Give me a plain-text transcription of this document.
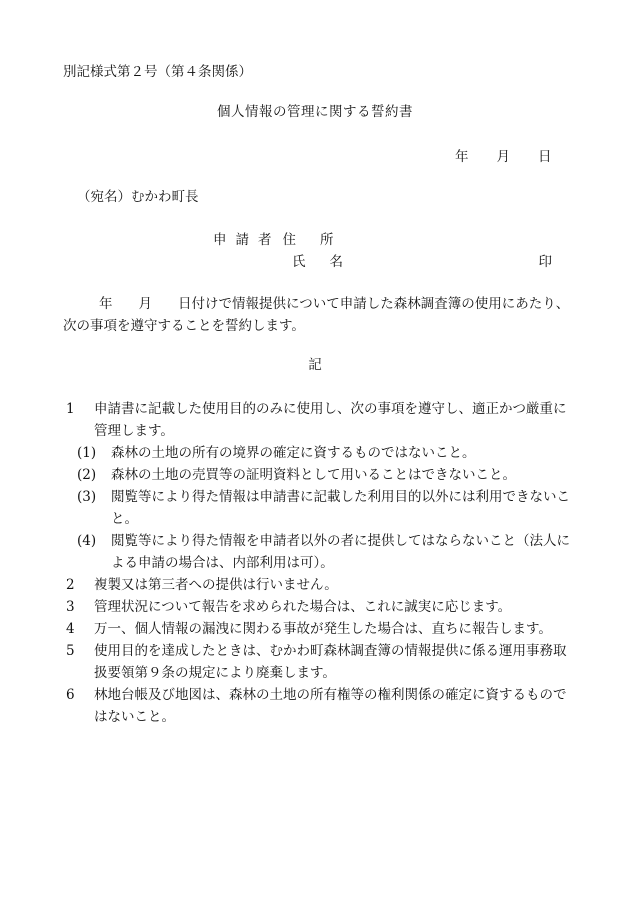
別記様式第２号（第４条関係）
個人情報の管理に関する誓約書
年 月 日
（宛名）むかわ町長
申請者 住所
氏名	印
年 月 日付けで情報提供について申請した森林調査簿の使用にあたり、次の事項を遵守することを誓約します。
記
1	申請書に記載した使用目的のみに使用し、次の事項を遵守し、適正かつ厳重に管理します。
(1) 森林の土地の所有の境界の確定に資するものではないこと。
(2) 森林の土地の売買等の証明資料として用いることはできないこと。
(3) 閲覧等により得た情報は申請書に記載した利用目的以外には利用できないこと。
(4) 閲覧等により得た情報を申請者以外の者に提供してはならないこと（法人による申請の場合は、内部利用は可）。
2	複製又は第三者への提供は行いません。
3	管理状況について報告を求められた場合は、これに誠実に応じます。
4	万一、個人情報の漏洩に関わる事故が発生した場合は、直ちに報告します。
5	使用目的を達成したときは、むかわ町森林調査簿の情報提供に係る運用事務取扱要領第９条の規定により廃棄します。
6	林地台帳及び地図は、森林の土地の所有権等の権利関係の確定に資するものではないこと。
